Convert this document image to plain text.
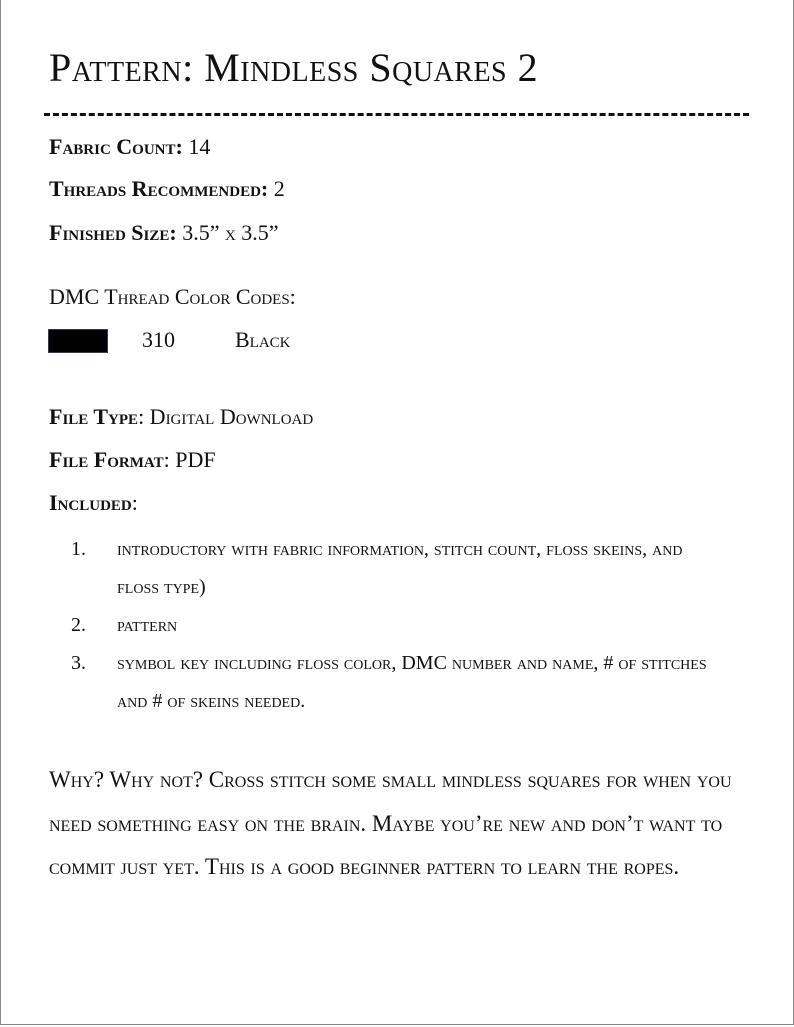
Pattern: Mindless Squares 2
Fabric Count: 14
Threads Recommended: 2
Finished Size: 3.5” x 3.5”
DMC Thread Color Codes:
310	Black
File Type: Digital Download
File Format: PDF
Included:
1.	introductory with fabric information, stitch count, floss skeins, and floss type)
2.	pattern
3.	symbol key including floss color, DMC number and name, # of stitches and # of skeins needed.
Why? Why not? Cross stitch some small mindless squares for when you need something easy on the brain. Maybe you’re new and don’t want to commit just yet. This is a good beginner pattern to learn the ropes.
